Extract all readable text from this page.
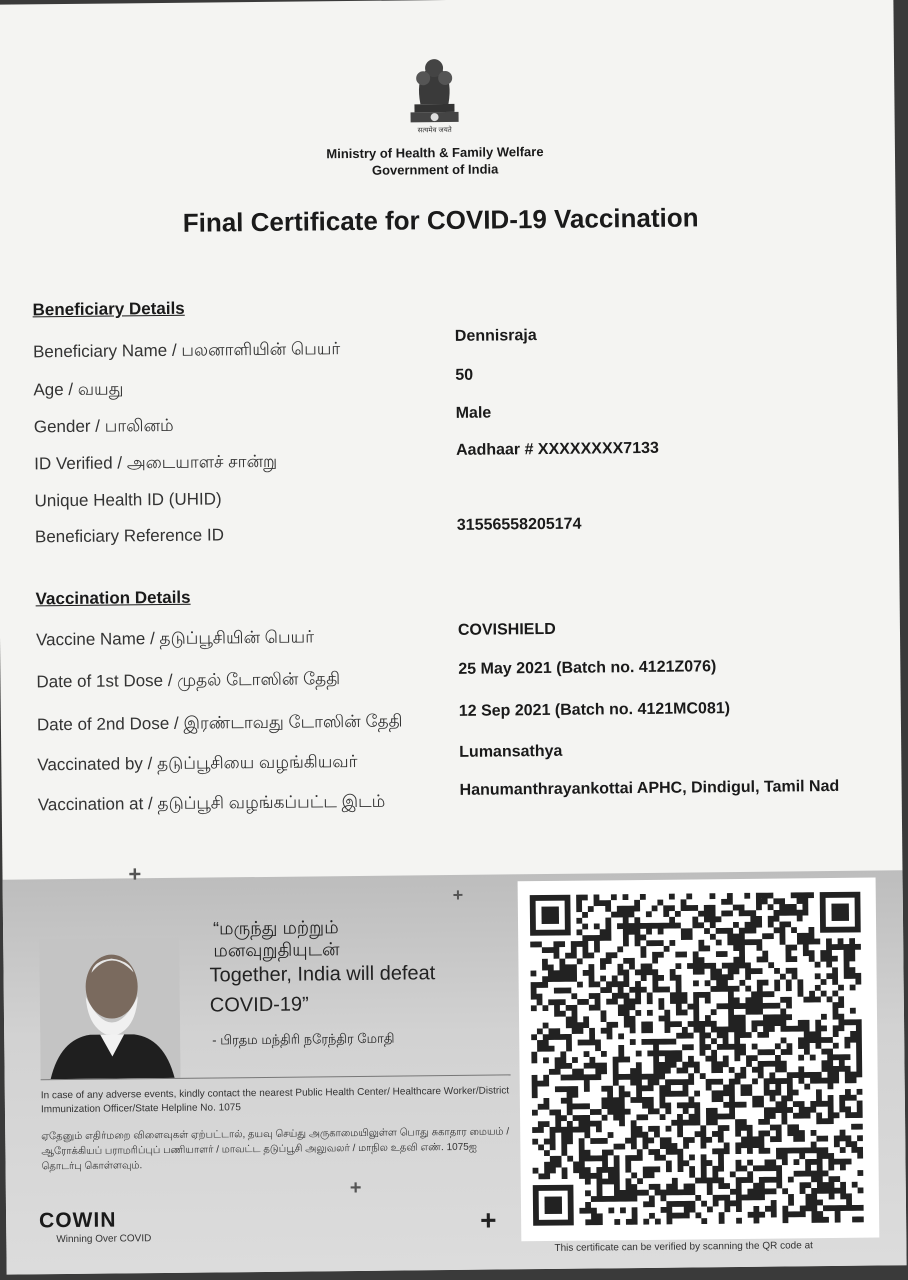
सत्यमेव जयते
Ministry of Health & Family Welfare
Government of India
Final Certificate for COVID-19 Vaccination
Beneficiary Details
Beneficiary Name / பலனாளியின் பெயர்
Dennisraja
Age / வயது
50
Gender / பாலினம்
Male
ID Verified / அடையாளச் சான்று
Aadhaar # XXXXXXXX7133
Unique Health ID (UHID)
Beneficiary Reference ID
31556558205174
Vaccination Details
Vaccine Name / தடுப்பூசியின் பெயர்	COVISHIELD
Date of 1st Dose / முதல் டோஸின் தேதி
25 May 2021 (Batch no. 4121Z076)
Date of 2nd Dose / இரண்டாவது டோஸின் தேதி
12 Sep 2021 (Batch no. 4121MC081)
Vaccinated by / தடுப்பூசியை வழங்கியவர்
Lumansathya
Vaccination at / தடுப்பூசி வழங்கப்பட்ட இடம்
Hanumanthrayankottai APHC, Dindigul, Tamil Nad
+
+
+
+
“மருந்து மற்றும்
மனவுறுதியுடன்
Together, India will defeat
COVID-19”
- பிரதம மந்திரி நரேந்திர மோதி
In case of any adverse events, kindly contact the nearest Public Health Center/ Healthcare Worker/District Immunization Officer/State Helpline No. 1075
ஏதேனும் எதிர்மறை விளைவுகள் ஏற்பட்டால், தயவு செய்து அருகாமையிலுள்ள பொது சுகாதார மையம் / ஆரோக்கியப் பராமரிப்புப் பணியாளர் / மாவட்ட தடுப்பூசி அலுவலர் / மாநில உதவி எண். 1075ஐ தொடர்பு கொள்ளவும்.
COWIN
Winning Over COVID
This certificate can be verified by scanning the QR code at
